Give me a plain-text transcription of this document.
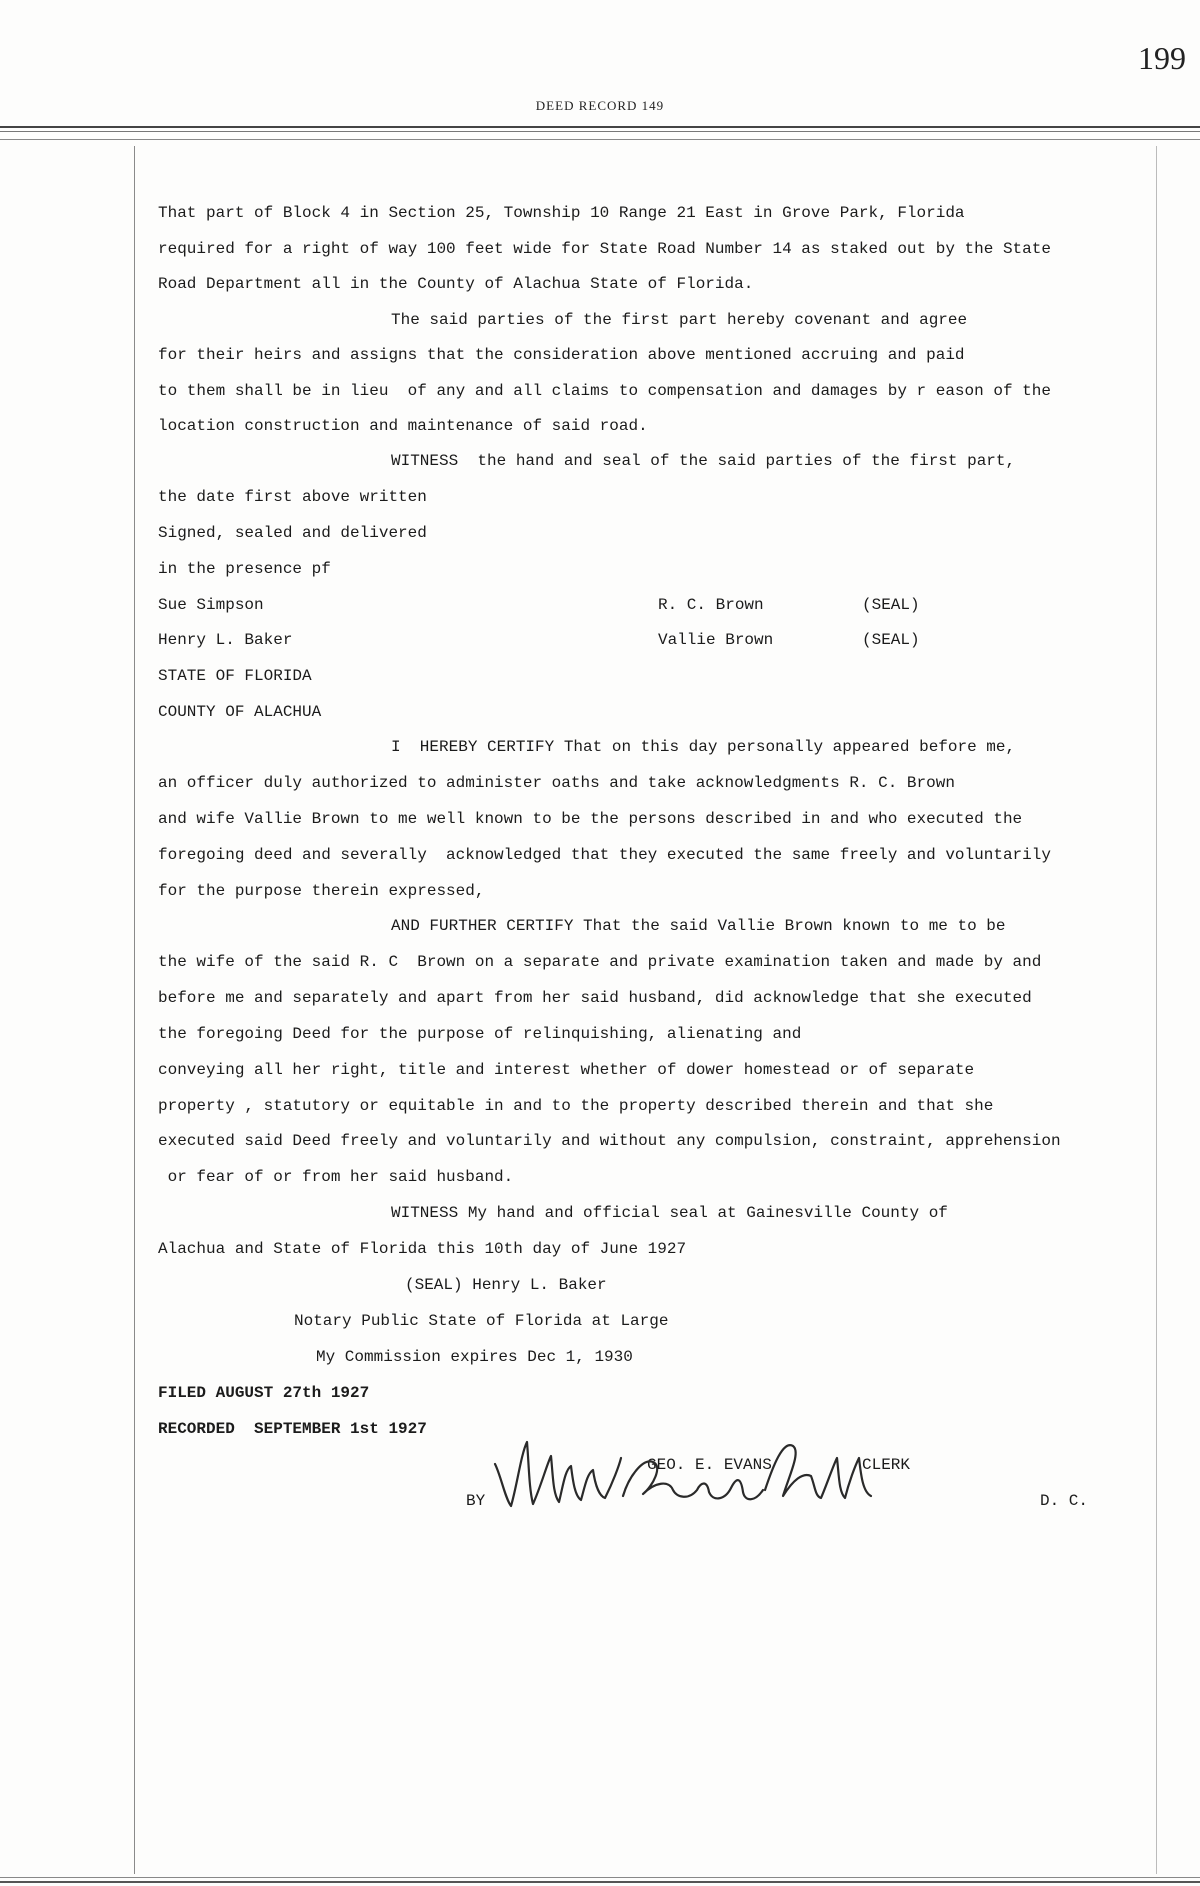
199
DEED RECORD 149
That part of Block 4 in Section 25, Township 10 Range 21 East in Grove Park, Florida
required for a right of way 100 feet wide for State Road Number 14 as staked out by the State
Road Department all in the County of Alachua State of Florida.
The said parties of the first part hereby covenant and agree
for their heirs and assigns that the consideration above mentioned accruing and paid
to them shall be in lieu  of any and all claims to compensation and damages by r eason of the
location construction and maintenance of said road.
WITNESS  the hand and seal of the said parties of the first part,
the date first above written
Signed, sealed and delivered
in the presence pf
Sue Simpson	R. C. Brown	(SEAL)
Henry L. Baker	Vallie Brown	(SEAL)
STATE OF FLORIDA
COUNTY OF ALACHUA
I  HEREBY CERTIFY That on this day personally appeared before me,
an officer duly authorized to administer oaths and take acknowledgments R. C. Brown
and wife Vallie Brown to me well known to be the persons described in and who executed the
foregoing deed and severally  acknowledged that they executed the same freely and voluntarily
for the purpose therein expressed,
AND FURTHER CERTIFY That the said Vallie Brown known to me to be
the wife of the said R. C  Brown on a separate and private examination taken and made by and
before me and separately and apart from her said husband, did acknowledge that she executed
the foregoing Deed for the purpose of relinquishing, alienating and
conveying all her right, title and interest whether of dower homestead or of separate
property , statutory or equitable in and to the property described therein and that she
executed said Deed freely and voluntarily and without any compulsion, constraint, apprehension
or fear of or from her said husband.
WITNESS My hand and official seal at Gainesville County of
Alachua and State of Florida this 10th day of June 1927
(SEAL) Henry L. Baker
Notary Public State of Florida at Large
My Commission expires Dec 1, 1930
FILED AUGUST 27th 1927
RECORDED  SEPTEMBER 1st 1927
GEO. E. EVANS	CLERK
BY	D. C.
